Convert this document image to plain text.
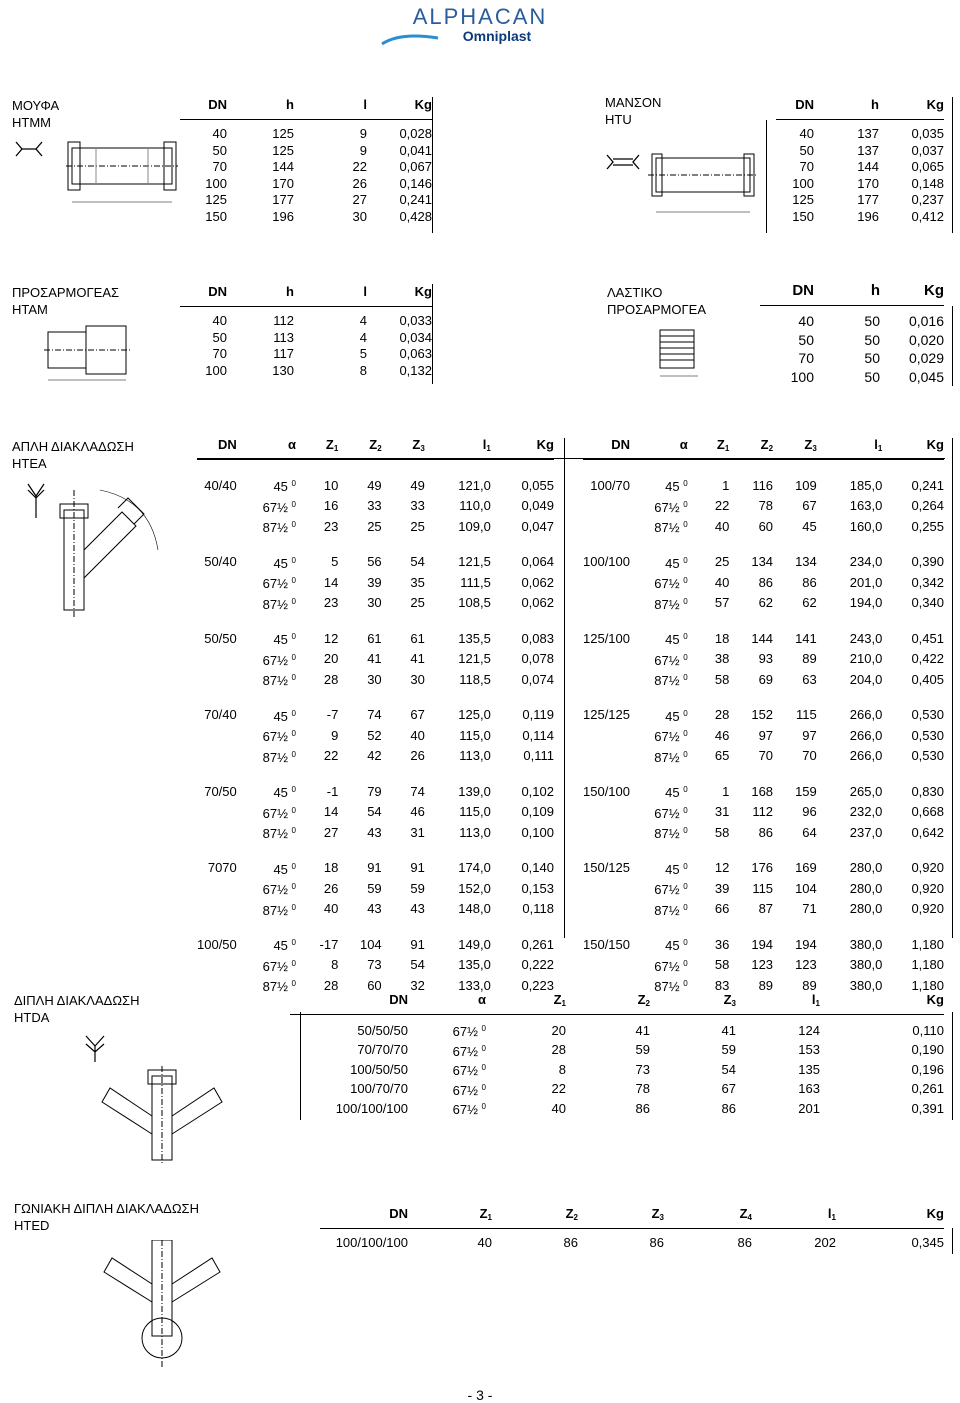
ALPHACAN
Omniplast
ΜΟΥΦΑ
HTMM
DN	h	l	Kg
40	125	9	0,028
50	125	9	0,041
70	144	22	0,067
100	170	26	0,146
125	177	27	0,241
150	196	30	0,428
ΜΑΝΣΟΝ
HTU
DN	h	Kg
40	137	0,035
50	137	0,037
70	144	0,065
100	170	0,148
125	177	0,237
150	196	0,412
ΠΡΟΣΑΡΜΟΓΕΑΣ
HTAM
DN	h	l	Kg
40	112	4	0,033
50	113	4	0,034
70	117	5	0,063
100	130	8	0,132
ΛΑΣΤΙΚΟ
ΠΡΟΣΑΡΜΟΓΕΑ
DN	h	Kg
40	50	0,016
50	50	0,020
70	50	0,029
100	50	0,045
ΑΠΛΗ ΔΙΑΚΛΑΔΩΣΗ
HTEA
DN	α	$Z_1$	$Z_2$	$Z_3$	$l_1$	Kg
40/40	45 $^0$	10	49	49	121,0	0,055
	67½ $^0$	16	33	33	110,0	0,049
	87½ $^0$	23	25	25	109,0	0,047
50/40	45 $^0$	5	56	54	121,5	0,064
	67½ $^0$	14	39	35	111,5	0,062
	87½ $^0$	23	30	25	108,5	0,062
50/50	45 $^0$	12	61	61	135,5	0,083
	67½ $^0$	20	41	41	121,5	0,078
	87½ $^0$	28	30	30	118,5	0,074
70/40	45 $^0$	-7	74	67	125,0	0,119
	67½ $^0$	9	52	40	115,0	0,114
	87½ $^0$	22	42	26	113,0	0,111
70/50	45 $^0$	-1	79	74	139,0	0,102
	67½ $^0$	14	54	46	115,0	0,109
	87½ $^0$	27	43	31	113,0	0,100
7070	45 $^0$	18	91	91	174,0	0,140
	67½ $^0$	26	59	59	152,0	0,153
	87½ $^0$	40	43	43	148,0	0,118
100/50	45 $^0$	-17	104	91	149,0	0,261
	67½ $^0$	8	73	54	135,0	0,222
	87½ $^0$	28	60	32	133,0	0,223
DN	α	$Z_1$	$Z_2$	$Z_3$	$l_1$	Kg
100/70	45 $^0$	1	116	109	185,0	0,241
	67½ $^0$	22	78	67	163,0	0,264
	87½ $^0$	40	60	45	160,0	0,255
100/100	45 $^0$	25	134	134	234,0	0,390
	67½ $^0$	40	86	86	201,0	0,342
	87½ $^0$	57	62	62	194,0	0,340
125/100	45 $^0$	18	144	141	243,0	0,451
	67½ $^0$	38	93	89	210,0	0,422
	87½ $^0$	58	69	63	204,0	0,405
125/125	45 $^0$	28	152	115	266,0	0,530
	67½ $^0$	46	97	97	266,0	0,530
	87½ $^0$	65	70	70	266,0	0,530
150/100	45 $^0$	1	168	159	265,0	0,830
	67½ $^0$	31	112	96	232,0	0,668
	87½ $^0$	58	86	64	237,0	0,642
150/125	45 $^0$	12	176	169	280,0	0,920
	67½ $^0$	39	115	104	280,0	0,920
	87½ $^0$	66	87	71	280,0	0,920
150/150	45 $^0$	36	194	194	380,0	1,180
	67½ $^0$	58	123	123	380,0	1,180
	87½ $^0$	83	89	89	380,0	1,180
ΔΙΠΛΗ ΔΙΑΚΛΑΔΩΣΗ
HTDA
DN	α	$Z_1$	$Z_2$	$Z_3$	$l_1$	Kg
50/50/50	67½ $^0$	20	41	41	124	0,110
70/70/70	67½ $^0$	28	59	59	153	0,190
100/50/50	67½ $^0$	8	73	54	135	0,196
100/70/70	67½ $^0$	22	78	67	163	0,261
100/100/100	67½ $^0$	40	86	86	201	0,391
ΓΩΝΙΑΚΗ ΔΙΠΛΗ ΔΙΑΚΛΑΔΩΣΗ
HTED
DN	$Z_1$	$Z_2$	$Z_3$	$Z_4$	$l_1$	Kg
100/100/100	40	86	86	86	202	0,345
- 3 -
